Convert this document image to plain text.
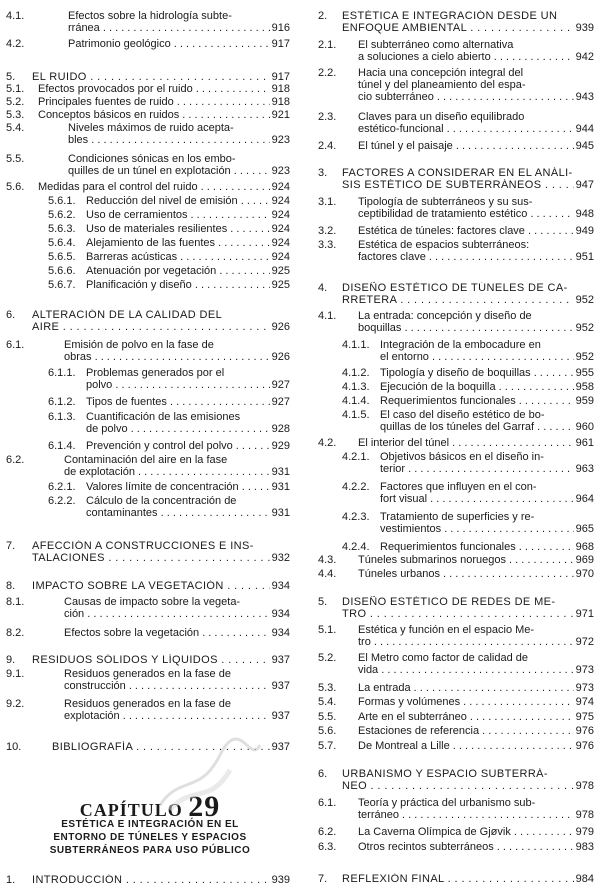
4.1.	Efectos sobre la hidrología subte-
rránea . . .	916
4.2.	Patrimonio geológico . . .	917
5. EL RUIDO . . .	917
5.1. Efectos provocados por el ruido . . .	918
5.2. Principales fuentes de ruido . . .	918
5.3. Conceptos básicos en ruidos . . .	921
5.4.	Niveles máximos de ruido acepta-
bles . . .	923
5.5.	Condiciones sónicas en los embo-
quilles de un túnel en explotación . . .	923
5.6. Medidas para el control del ruido . . .	924
5.6.1. Reducción del nivel de emisión . . .	924
5.6.2. Uso de cerramientos . . .	924
5.6.3. Uso de materiales resilientes . . .	924
5.6.4. Alejamiento de las fuentes . . .	924
5.6.5. Barreras acústicas . . .	924
5.6.6. Atenuación por vegetación . . .	925
5.6.7. Planificación y diseño . . .	925
6. ALTERACIÓN DE LA CALIDAD DEL
AIRE . . .	926
6.1.	Emisión de polvo en la fase de
obras . . .	926
6.1.1. Problemas generados por el
polvo . . .	927
6.1.2. Tipos de fuentes . . .	927
6.1.3. Cuantificación de las emisiones
de polvo . . .	928
6.1.4. Prevención y control del polvo . . .	929
6.2.	Contaminación del aire en la fase
de explotación . . .	931
6.2.1. Valores límite de concentración . . .	931
6.2.2. Cálculo de la concentración de
contaminantes . . .	931
7. AFECCIÓN A CONSTRUCCIONES E INS-
TALACIONES . . .	932
8. IMPACTO SOBRE LA VEGETACIÓN . . .	934
8.1.	Causas de impacto sobre la vegeta-
ción . . .	934
8.2.	Efectos sobre la vegetación . . .	934
9. RESIDUOS SÓLIDOS Y LÍQUIDOS . . .	937
9.1.	Residuos generados en la fase de
construcción . . .	937
9.2.	Residuos generados en la fase de
explotación . . .	937
10.	BIBLIOGRAFÍA . . .	937
1. INTRODUCCIÓN . . .	939
2. ESTÉTICA E INTEGRACIÓN DESDE UN
ENFOQUE AMBIENTAL . . .	939
2.1. El subterráneo como alternativa
a soluciones a cielo abierto . . .	942
2.2. Hacia una concepción integral del
túnel y del planeamiento del espa-
cio subterráneo . . .	943
2.3. Claves para un diseño equilibrado
estético-funcional . . .	944
2.4. El túnel y el paisaje . . .	945
3. FACTORES A CONSIDERAR EN EL ANÁLI-
SIS ESTÉTICO DE SUBTERRÁNEOS . . .	947
3.1. Tipología de subterráneos y su sus-
ceptibilidad de tratamiento estético . . .	948
3.2. Estética de túneles: factores clave . . .	949
3.3. Estética de espacios subterráneos:
factores clave . . .	951
4. DISEÑO ESTÉTICO DE TÚNELES DE CA-
RRETERA . . .	952
4.1. La entrada: concepción y diseño de
boquillas . . .	952
4.1.1. Integración de la embocadure en
el entorno . . .	952
4.1.2. Tipología y diseño de boquillas . . .	955
4.1.3. Ejecución de la boquilla . . .	958
4.1.4. Requerimientos funcionales . . .	959
4.1.5. El caso del diseño estético de bo-
quillas de los túneles del Garraf . . .	960
4.2. El interior del túnel . . .	961
4.2.1. Objetivos básicos en el diseño in-
terior . . .	963
4.2.2. Factores que influyen en el con-
fort visual . . .	964
4.2.3. Tratamiento de superficies y re-
vestimientos . . .	965
4.2.4. Requerimientos funcionales . . .	968
4.3. Túneles submarinos noruegos . . .	969
4.4. Túneles urbanos . . .	970
5. DISEÑO ESTÉTICO DE REDES DE ME-
TRO . . .	971
5.1. Estética y función en el espacio Me-
tro . . .	972
5.2. El Metro como factor de calidad de
vida . . .	973
5.3. La entrada . . .	973
5.4. Formas y volúmenes . . .	974
5.5. Arte en el subterráneo . . .	975
5.6. Estaciones de referencia . . .	976
5.7. De Montreal a Lille . . .	976
6. URBANISMO Y ESPACIO SUBTERRÁ-
NEO . . .	978
6.1. Teoría y práctica del urbanismo sub-
terráneo . . .	978
6.2. La Caverna Olímpica de Gjøvik . . .	979
6.3. Otros recintos subterráneos . . .	983
7. REFLEXIÓN FINAL . . .	984
CAPÍTULO 29
ESTÉTICA E INTEGRACIÓN EN EL
ENTORNO DE TÚNELES Y ESPACIOS
SUBTERRÁNEOS PARA USO PÚBLICO
